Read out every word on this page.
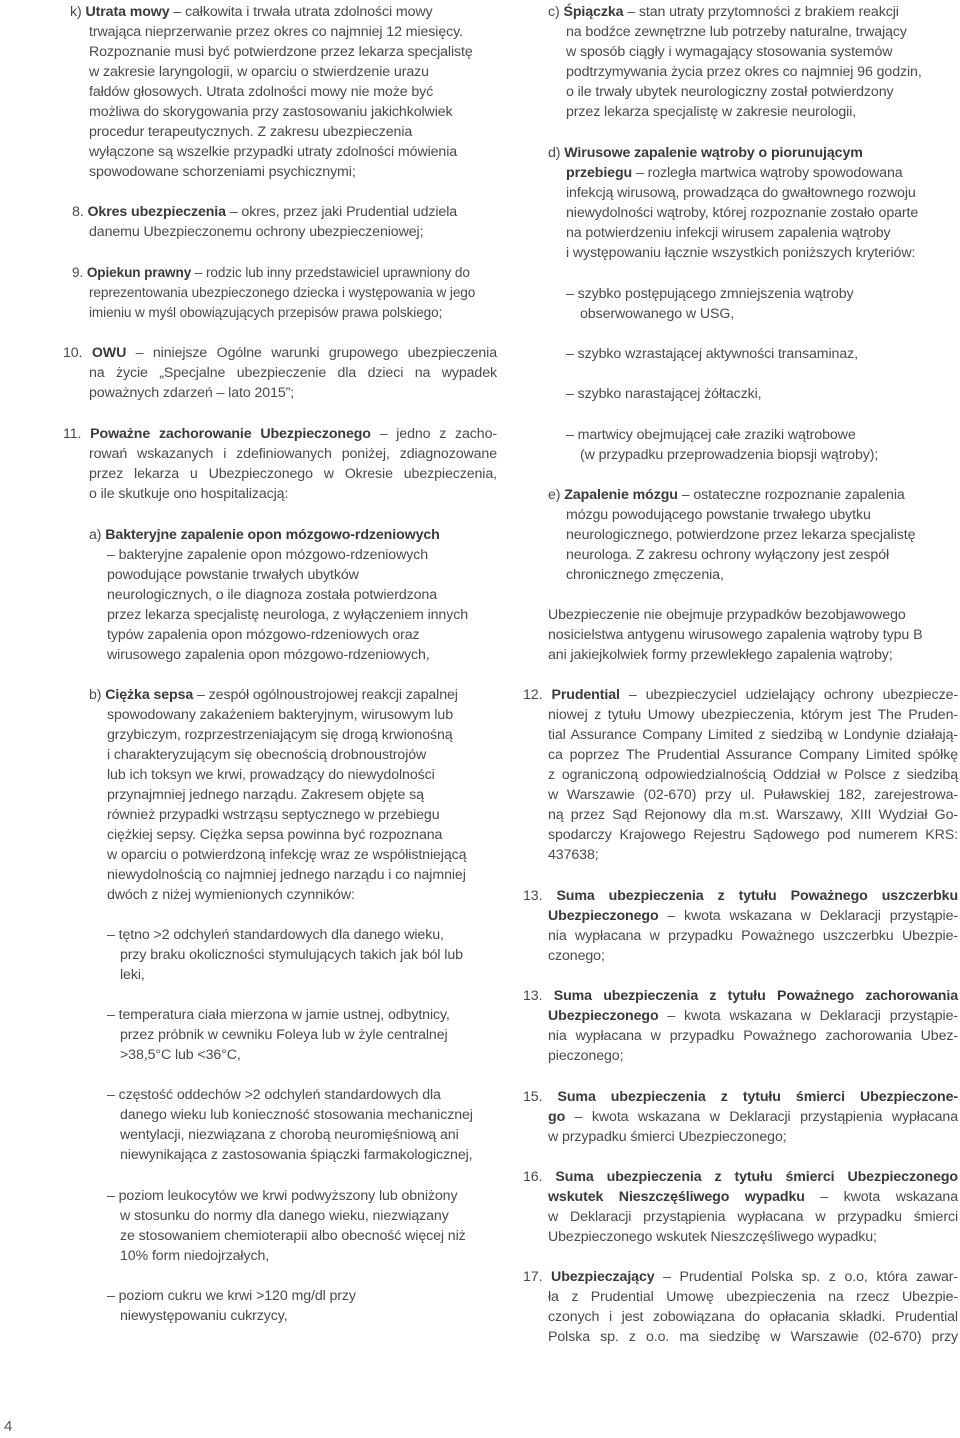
k) Utrata mowy – całkowita i trwała utrata zdolności mowy
trwająca nieprzerwanie przez okres co najmniej 12 miesięcy.
Rozpoznanie musi być potwierdzone przez lekarza specjalistę
w zakresie laryngologii, w oparciu o stwierdzenie urazu
fałdów głosowych. Utrata zdolności mowy nie może być
możliwa do skorygowania przy zastosowaniu jakichkolwiek
procedur terapeutycznych. Z zakresu ubezpieczenia
wyłączone są wszelkie przypadki utraty zdolności mówienia
spowodowane schorzeniami psychicznymi;
8. Okres ubezpieczenia – okres, przez jaki Prudential udziela
danemu Ubezpieczonemu ochrony ubezpieczeniowej;
9. Opiekun prawny – rodzic lub inny przedstawiciel uprawniony do
reprezentowania ubezpieczonego dziecka i występowania w jego
imieniu w myśl obowiązujących przepisów prawa polskiego;
10. OWU – niniejsze Ogólne warunki grupowego ubezpieczenia
na życie „Specjalne ubezpieczenie dla dzieci na wypadek
poważnych zdarzeń – lato 2015”;
11. Poważne zachorowanie Ubezpieczonego – jedno z zacho-
rowań wskazanych i zdefiniowanych poniżej, zdiagnozowane
przez lekarza u Ubezpieczonego w Okresie ubezpieczenia,
o ile skutkuje ono hospitalizacją:
a) Bakteryjne zapalenie opon mózgowo-rdzeniowych
– bakteryjne zapalenie opon mózgowo-rdzeniowych
powodujące powstanie trwałych ubytków
neurologicznych, o ile diagnoza została potwierdzona
przez lekarza specjalistę neurologa, z wyłączeniem innych
typów zapalenia opon mózgowo-rdzeniowych oraz
wirusowego zapalenia opon mózgowo-rdzeniowych,
b) Ciężka sepsa – zespół ogólnoustrojowej reakcji zapalnej
spowodowany zakażeniem bakteryjnym, wirusowym lub
grzybiczym, rozprzestrzeniającym się drogą krwionośną
i charakteryzującym się obecnością drobnoustrojów
lub ich toksyn we krwi, prowadzący do niewydolności
przynajmniej jednego narządu. Zakresem objęte są
również przypadki wstrząsu septycznego w przebiegu
ciężkiej sepsy. Ciężka sepsa powinna być rozpoznana
w oparciu o potwierdzoną infekcję wraz ze współistniejącą
niewydolnością co najmniej jednego narządu i co najmniej
dwóch z niżej wymienionych czynników:
– tętno >2 odchyleń standardowych dla danego wieku,
przy braku okoliczności stymulujących takich jak ból lub
leki,
– temperatura ciała mierzona w jamie ustnej, odbytnicy,
przez próbnik w cewniku Foleya lub w żyle centralnej
>38,5°C lub <36°C,
– częstość oddechów >2 odchyleń standardowych dla
danego wieku lub konieczność stosowania mechanicznej
wentylacji, niezwiązana z chorobą neuromięśniową ani
niewynikająca z zastosowania śpiączki farmakologicznej,
– poziom leukocytów we krwi podwyższony lub obniżony
w stosunku do normy dla danego wieku, niezwiązany
ze stosowaniem chemioterapii albo obecność więcej niż
10% form niedojrzałych,
– poziom cukru we krwi >120 mg/dl przy
niewystępowaniu cukrzycy,
c) Śpiączka – stan utraty przytomności z brakiem reakcji
na bodźce zewnętrzne lub potrzeby naturalne, trwający
w sposób ciągły i wymagający stosowania systemów
podtrzymywania życia przez okres co najmniej 96 godzin,
o ile trwały ubytek neurologiczny został potwierdzony
przez lekarza specjalistę w zakresie neurologii,
d) Wirusowe zapalenie wątroby o piorunującym
przebiegu – rozległa martwica wątroby spowodowana
infekcją wirusową, prowadząca do gwałtownego rozwoju
niewydolności wątroby, której rozpoznanie zostało oparte
na potwierdzeniu infekcji wirusem zapalenia wątroby
i występowaniu łącznie wszystkich poniższych kryteriów:
– szybko postępującego zmniejszenia wątroby
obserwowanego w USG,
– szybko wzrastającej aktywności transaminaz,
– szybko narastającej żółtaczki,
– martwicy obejmującej całe zraziki wątrobowe
(w przypadku przeprowadzenia biopsji wątroby);
e) Zapalenie mózgu – ostateczne rozpoznanie zapalenia
mózgu powodującego powstanie trwałego ubytku
neurologicznego, potwierdzone przez lekarza specjalistę
neurologa. Z zakresu ochrony wyłączony jest zespół
chronicznego zmęczenia,
Ubezpieczenie nie obejmuje przypadków bezobjawowego
nosicielstwa antygenu wirusowego zapalenia wątroby typu B
ani jakiejkolwiek formy przewlekłego zapalenia wątroby;
12. Prudential – ubezpieczyciel udzielający ochrony ubezpiecze-
niowej z tytułu Umowy ubezpieczenia, którym jest The Pruden-
tial Assurance Company Limited z siedzibą w Londynie działają-
ca poprzez The Prudential Assurance Company Limited spółkę
z ograniczoną odpowiedzialnością Oddział w Polsce z siedzibą
w Warszawie (02-670) przy ul. Puławskiej 182, zarejestrowa-
ną przez Sąd Rejonowy dla m.st. Warszawy, XIII Wydział Go-
spodarczy Krajowego Rejestru Sądowego pod numerem KRS:
437638;
13. Suma ubezpieczenia z tytułu Poważnego uszczerbku
Ubezpieczonego – kwota wskazana w Deklaracji przystąpie-
nia wypłacana w przypadku Poważnego uszczerbku Ubezpie-
czonego;
13. Suma ubezpieczenia z tytułu Poważnego zachorowania
Ubezpieczonego – kwota wskazana w Deklaracji przystąpie-
nia wypłacana w przypadku Poważnego zachorowania Ubez-
pieczonego;
15. Suma ubezpieczenia z tytułu śmierci Ubezpieczone-
go – kwota wskazana w Deklaracji przystąpienia wypłacana
w przypadku śmierci Ubezpieczonego;
16. Suma ubezpieczenia z tytułu śmierci Ubezpieczonego
wskutek Nieszczęśliwego wypadku – kwota wskazana
w Deklaracji przystąpienia wypłacana w przypadku śmierci
Ubezpieczonego wskutek Nieszczęśliwego wypadku;
17. Ubezpieczający – Prudential Polska sp. z o.o, która zawar-
ła z Prudential Umowę ubezpieczenia na rzecz Ubezpie-
czonych i jest zobowiązana do opłacania składki. Prudential
Polska sp. z o.o. ma siedzibę w Warszawie (02-670) przy
4
